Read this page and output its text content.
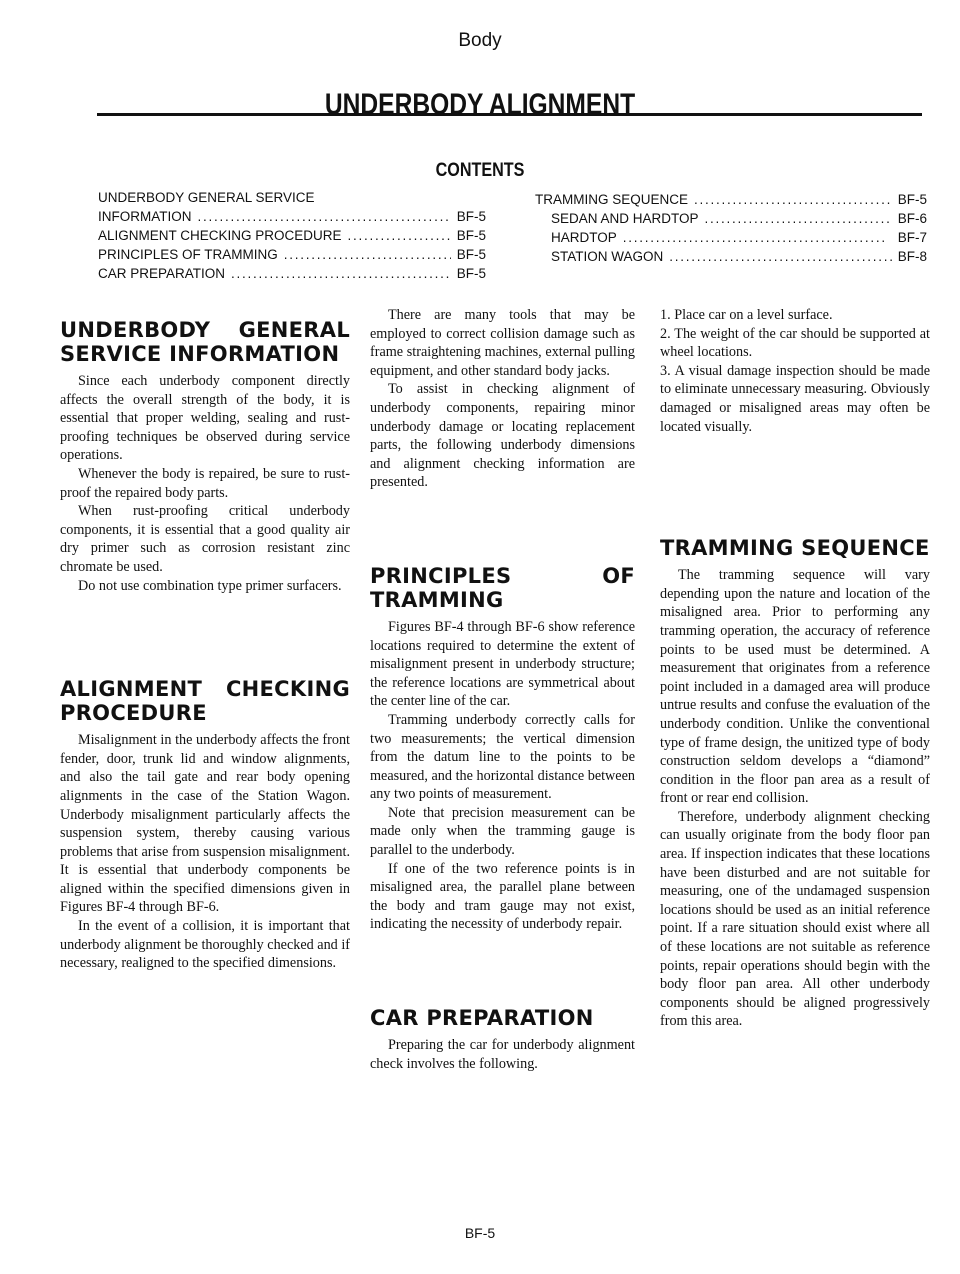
Body
UNDERBODY ALIGNMENT
CONTENTS
UNDERBODY GENERAL SERVICE
INFORMATION . . .	BF-5
ALIGNMENT CHECKING PROCEDURE . . .	BF-5
PRINCIPLES OF TRAMMING . . .	BF-5
CAR PREPARATION . . .	BF-5
TRAMMING SEQUENCE . . .	BF-5
SEDAN AND HARDTOP . . .	BF-6
HARDTOP . . .	BF-7
STATION WAGON . . .	BF-8
UNDERBODY GENERAL SERVICE INFORMATION

Since each underbody component directly affects the overall strength of the body, it is essential that proper welding, sealing and rust-proofing techniques be observed during service operations.

Whenever the body is repaired, be sure to rust-proof the repaired body parts.

When rust-proofing critical underbody components, it is essential that a good quality air dry primer such as corrosion resistant zinc chromate be used.

Do not use combination type primer surfacers.

ALIGNMENT CHECKING PROCEDURE

Misalignment in the underbody affects the front fender, door, trunk lid and window alignments, and also the tail gate and rear body opening alignments in the case of the Station Wagon. Underbody misalignment particularly affects the suspension system, thereby causing various problems that arise from suspension misalignment. It is essential that underbody components be aligned within the specified dimensions given in Figures BF-4 through BF-6.

In the event of a collision, it is important that underbody alignment be thoroughly checked and if necessary, realigned to the specified dimensions.

There are many tools that may be employed to correct collision damage such as frame straightening machines, external pulling equipment, and other standard body jacks.

To assist in checking alignment of underbody components, repairing minor underbody damage or locating replacement parts, the following underbody dimensions and alignment checking information are presented.

PRINCIPLES OF TRAMMING

Figures BF-4 through BF-6 show reference locations required to determine the extent of misalignment present in underbody structure; the reference locations are symmetrical about the center line of the car.

Tramming underbody correctly calls for two measurements; the vertical dimension from the datum line to the points to be measured, and the horizontal distance between any two points of measurement.

Note that precision measurement can be made only when the tramming gauge is parallel to the underbody.

If one of the two reference points is in misaligned area, the parallel plane between the body and tram gauge may not exist, indicating the necessity of underbody repair.

CAR PREPARATION

Preparing the car for underbody alignment check involves the following.

1. Place car on a level surface.

2. The weight of the car should be supported at wheel locations.

3. A visual damage inspection should be made to eliminate unnecessary measuring. Obviously damaged or misaligned areas may often be located visually.

TRAMMING SEQUENCE

The tramming sequence will vary depending upon the nature and location of the misaligned area. Prior to performing any tramming operation, the accuracy of reference points to be used must be determined. A measurement that originates from a reference point included in a damaged area will produce untrue results and confuse the evaluation of the underbody condition. Unlike the conventional type of frame design, the unitized type of body construction seldom develops a “diamond” condition in the floor pan area as a result of front or rear end collision.

Therefore, underbody alignment checking can usually originate from the body floor pan area. If inspection indicates that these locations have been disturbed and are not suitable for measuring, one of the undamaged suspension locations should be used as an initial reference point. If a rare situation should exist where all of these locations are not suitable as reference points, repair operations should begin with the body floor pan area. All other underbody components should be aligned progressively from this area.

BF-5
